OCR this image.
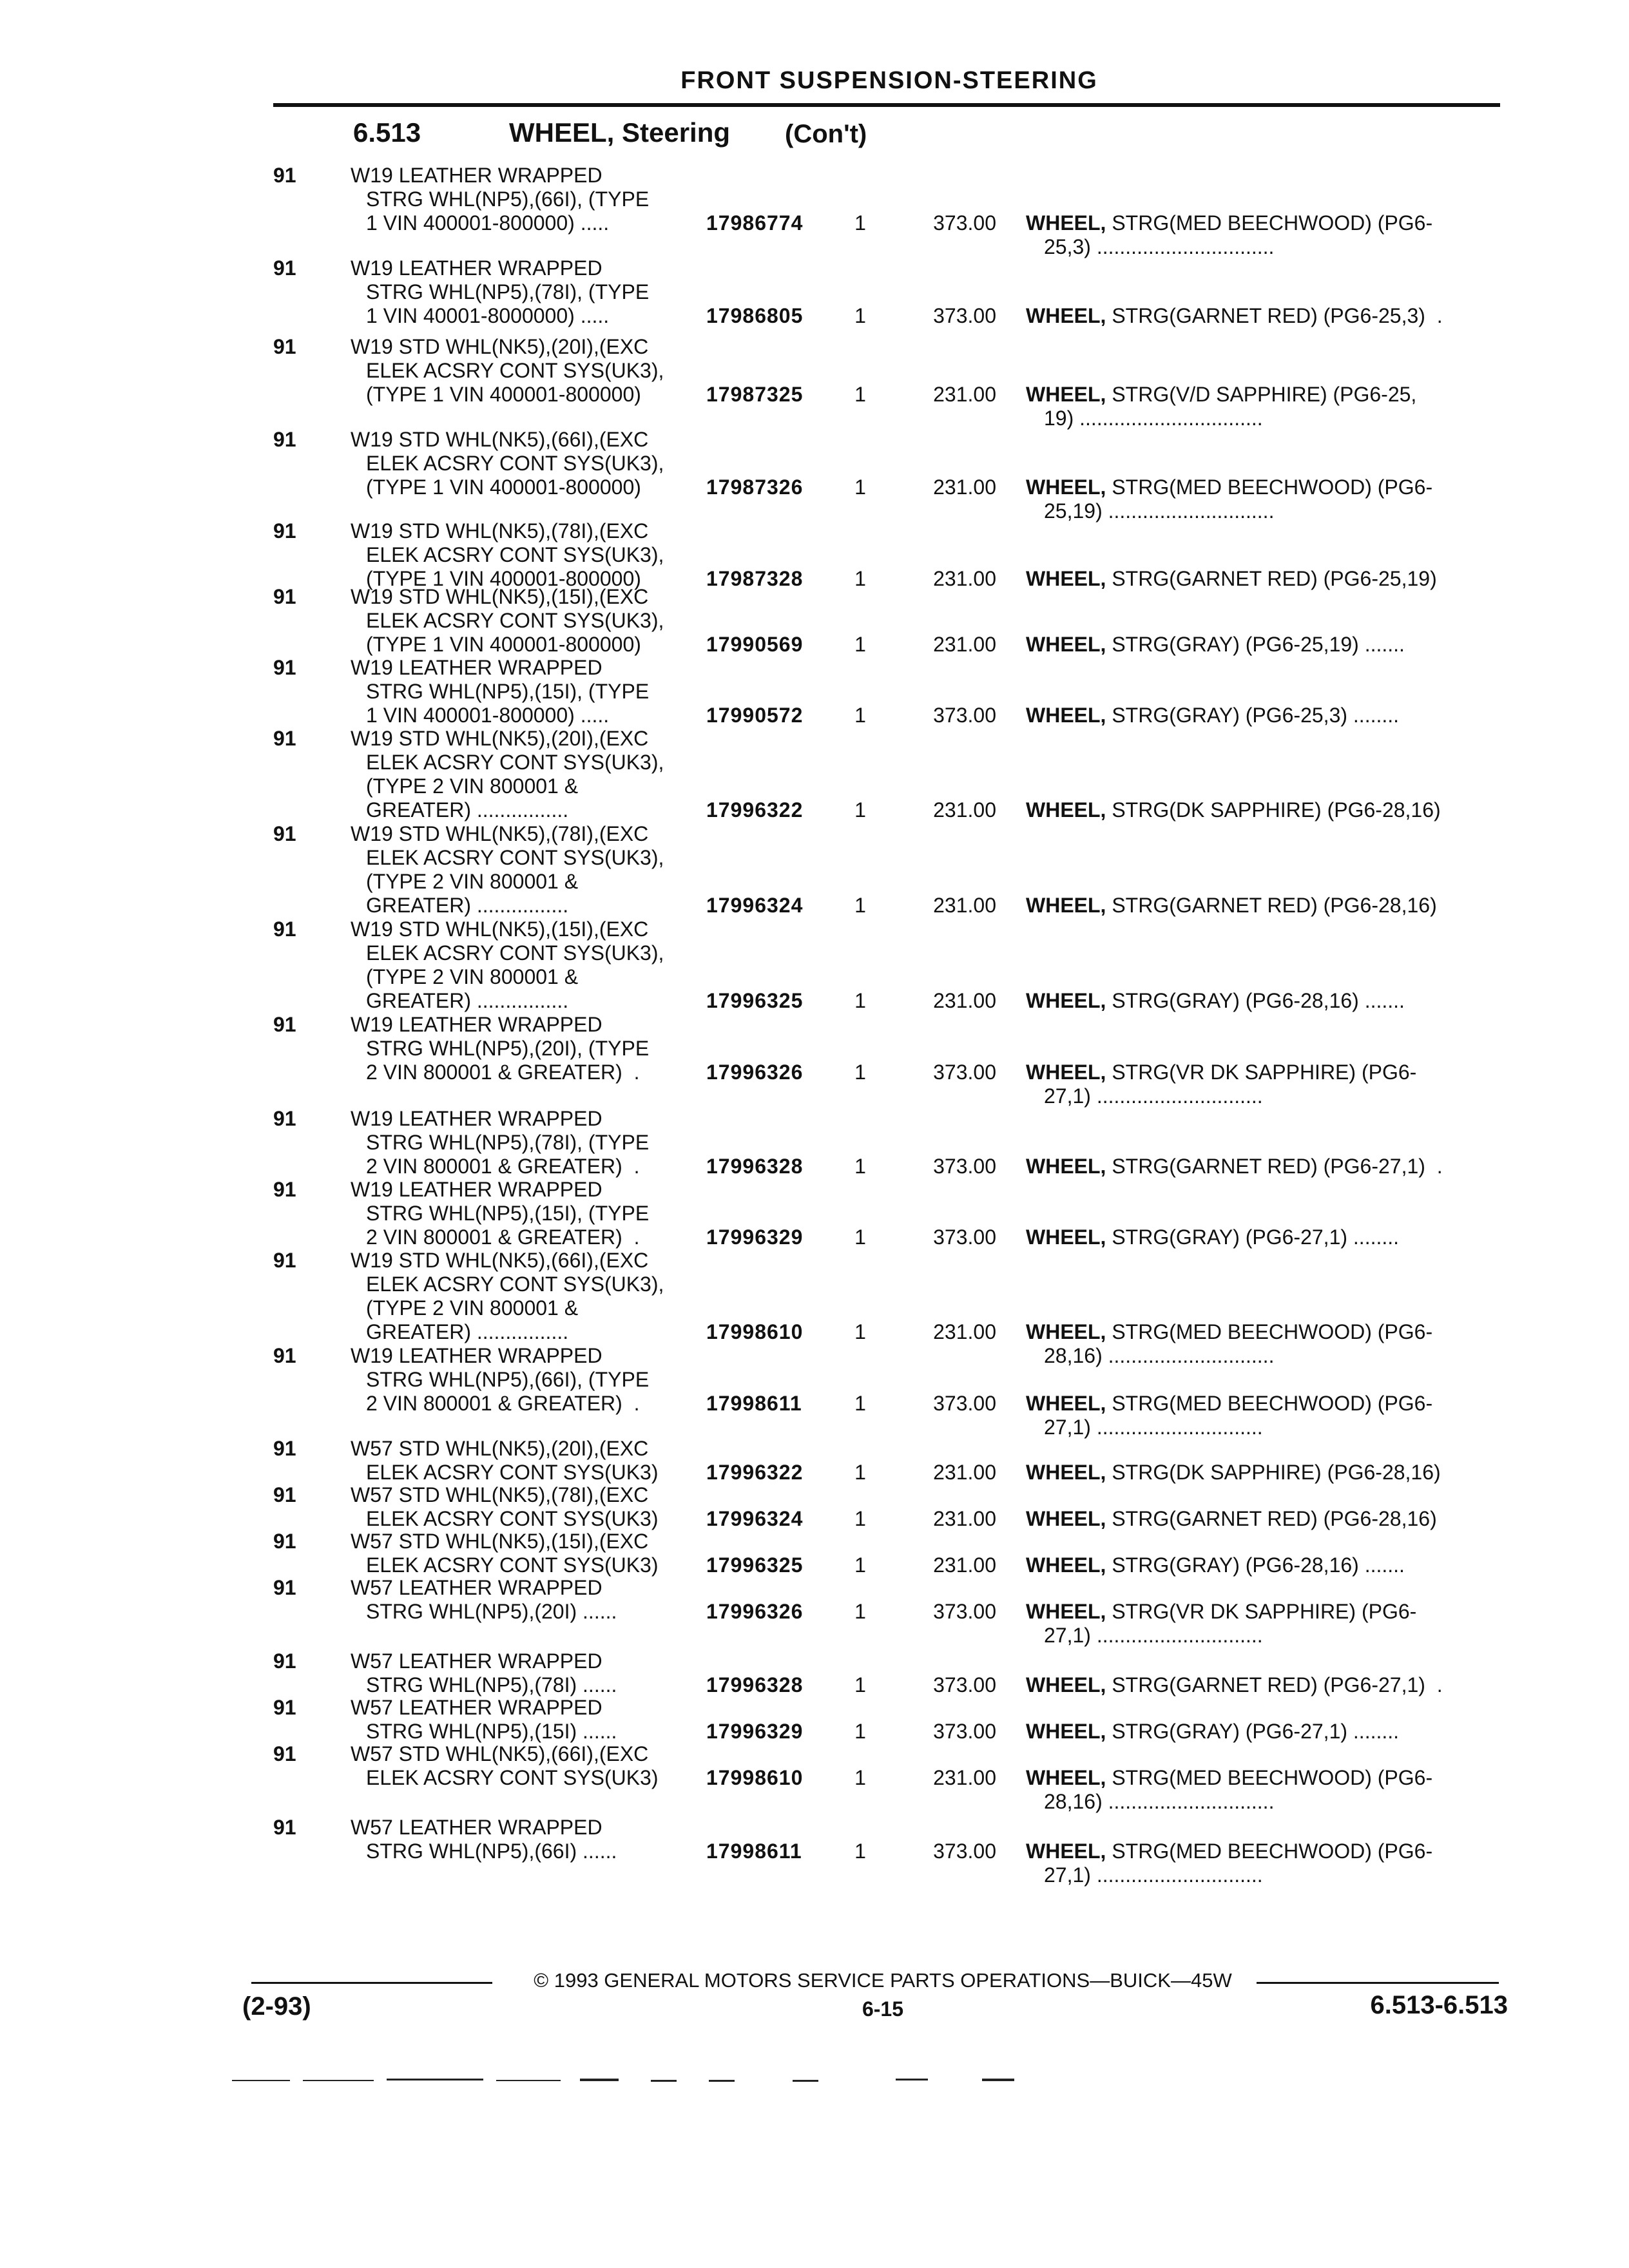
FRONT SUSPENSION-STEERING
6.513	WHEEL, Steering (Con't)
91	W19 LEATHER WRAPPED
STRG WHL(NP5),(66I), (TYPE
1 VIN 400001-800000) .....	17986774	1	373.00 WHEEL, STRG(MED BEECHWOOD) (PG6-
25,3) ...............................
91	W19 LEATHER WRAPPED
STRG WHL(NP5),(78I), (TYPE
1 VIN 40001-8000000) .....	17986805	1	373.00 WHEEL, STRG(GARNET RED) (PG6-25,3)  .
91	W19 STD WHL(NK5),(20I),(EXC
ELEK ACSRY CONT SYS(UK3),
(TYPE 1 VIN 400001-800000)	17987325	1	231.00 WHEEL, STRG(V/D SAPPHIRE) (PG6-25,
19) ................................
91	W19 STD WHL(NK5),(66I),(EXC
ELEK ACSRY CONT SYS(UK3),
(TYPE 1 VIN 400001-800000)	17987326	1	231.00 WHEEL, STRG(MED BEECHWOOD) (PG6-
25,19) .............................
91	W19 STD WHL(NK5),(78I),(EXC
ELEK ACSRY CONT SYS(UK3),
(TYPE 1 VIN 400001-800000)	17987328	1	231.00 WHEEL, STRG(GARNET RED) (PG6-25,19)
91	W19 STD WHL(NK5),(15I),(EXC
ELEK ACSRY CONT SYS(UK3),
(TYPE 1 VIN 400001-800000)	17990569	1	231.00 WHEEL, STRG(GRAY) (PG6-25,19) .......
91	W19 LEATHER WRAPPED
STRG WHL(NP5),(15I), (TYPE
1 VIN 400001-800000) .....	17990572	1	373.00 WHEEL, STRG(GRAY) (PG6-25,3) ........
91	W19 STD WHL(NK5),(20I),(EXC
ELEK ACSRY CONT SYS(UK3),
(TYPE 2 VIN 800001 &
GREATER) ................	17996322	1	231.00 WHEEL, STRG(DK SAPPHIRE) (PG6-28,16)
91	W19 STD WHL(NK5),(78I),(EXC
ELEK ACSRY CONT SYS(UK3),
(TYPE 2 VIN 800001 &
GREATER) ................	17996324	1	231.00 WHEEL, STRG(GARNET RED) (PG6-28,16)
91	W19 STD WHL(NK5),(15I),(EXC
ELEK ACSRY CONT SYS(UK3),
(TYPE 2 VIN 800001 &
GREATER) ................	17996325	1	231.00 WHEEL, STRG(GRAY) (PG6-28,16) .......
91	W19 LEATHER WRAPPED
STRG WHL(NP5),(20I), (TYPE
2 VIN 800001 & GREATER)  .	17996326	1	373.00 WHEEL, STRG(VR DK SAPPHIRE) (PG6-
27,1) .............................
91	W19 LEATHER WRAPPED
STRG WHL(NP5),(78I), (TYPE
2 VIN 800001 & GREATER)  .	17996328	1	373.00 WHEEL, STRG(GARNET RED) (PG6-27,1)  .
91	W19 LEATHER WRAPPED
STRG WHL(NP5),(15I), (TYPE
2 VIN 800001 & GREATER)  .	17996329	1	373.00 WHEEL, STRG(GRAY) (PG6-27,1) ........
91	W19 STD WHL(NK5),(66I),(EXC
ELEK ACSRY CONT SYS(UK3),
(TYPE 2 VIN 800001 &
GREATER) ................	17998610	1	231.00 WHEEL, STRG(MED BEECHWOOD) (PG6-
28,16) .............................
91	W19 LEATHER WRAPPED
STRG WHL(NP5),(66I), (TYPE
2 VIN 800001 & GREATER)  .	17998611	1	373.00 WHEEL, STRG(MED BEECHWOOD) (PG6-
27,1) .............................
91	W57 STD WHL(NK5),(20I),(EXC
ELEK ACSRY CONT SYS(UK3) 17996322	1	231.00 WHEEL, STRG(DK SAPPHIRE) (PG6-28,16)
91	W57 STD WHL(NK5),(78I),(EXC
ELEK ACSRY CONT SYS(UK3) 17996324	1	231.00 WHEEL, STRG(GARNET RED) (PG6-28,16)
91	W57 STD WHL(NK5),(15I),(EXC
ELEK ACSRY CONT SYS(UK3) 17996325	1	231.00 WHEEL, STRG(GRAY) (PG6-28,16) .......
91	W57 LEATHER WRAPPED
STRG WHL(NP5),(20I) ......	17996326	1	373.00 WHEEL, STRG(VR DK SAPPHIRE) (PG6-
27,1) .............................
91	W57 LEATHER WRAPPED
STRG WHL(NP5),(78I) ......	17996328	1	373.00 WHEEL, STRG(GARNET RED) (PG6-27,1)  .
91	W57 LEATHER WRAPPED
STRG WHL(NP5),(15I) ......	17996329	1	373.00 WHEEL, STRG(GRAY) (PG6-27,1) ........
91	W57 STD WHL(NK5),(66I),(EXC
ELEK ACSRY CONT SYS(UK3) 17998610	1	231.00 WHEEL, STRG(MED BEECHWOOD) (PG6-
28,16) .............................
91	W57 LEATHER WRAPPED
STRG WHL(NP5),(66I) ......	17998611	1	373.00 WHEEL, STRG(MED BEECHWOOD) (PG6-
27,1) .............................
© 1993 GENERAL MOTORS SERVICE PARTS OPERATIONS—BUICK—45W
(2-93)	6-15	6.513-6.513
